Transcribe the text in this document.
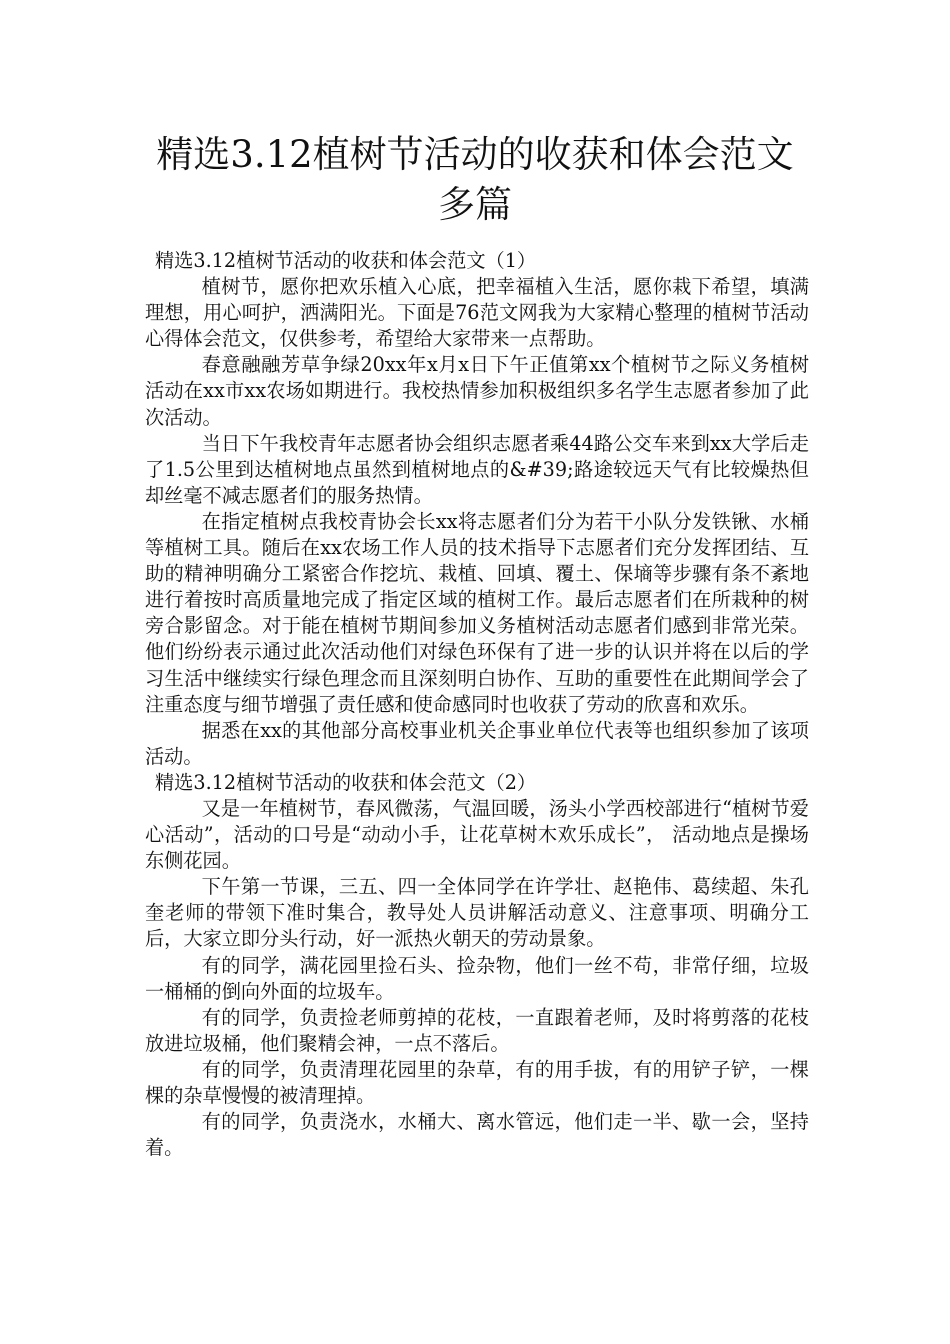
精选3.12植树节活动的收获和体会范文多篇
精选3.12植树节活动的收获和体会范文（1）

植树节，愿你把欢乐植入心底，把幸福植入生活，愿你栽下希望，填满理想，用心呵护，洒满阳光。下面是76范文网我为大家精心整理的植树节活动心得体会范文，仅供参考，希望给大家带来一点帮助。

春意融融芳草争绿20xx年x月x日下午正值第xx个植树节之际义务植树活动在xx市xx农场如期进行。我校热情参加积极组织多名学生志愿者参加了此次活动。

当日下午我校青年志愿者协会组织志愿者乘44路公交车来到xx大学后走了1.5公里到达植树地点虽然到植树地点的&#39;路途较远天气有比较燥热但却丝毫不减志愿者们的服务热情。

在指定植树点我校青协会长xx将志愿者们分为若干小队分发铁锹、水桶等植树工具。随后在xx农场工作人员的技术指导下志愿者们充分发挥团结、互助的精神明确分工紧密合作挖坑、栽植、回填、覆土、保墒等步骤有条不紊地进行着按时高质量地完成了指定区域的植树工作。最后志愿者们在所栽种的树旁合影留念。对于能在植树节期间参加义务植树活动志愿者们感到非常光荣。他们纷纷表示通过此次活动他们对绿色环保有了进一步的认识并将在以后的学习生活中继续实行绿色理念而且深刻明白协作、互助的重要性在此期间学会了注重态度与细节增强了责任感和使命感同时也收获了劳动的欣喜和欢乐。

据悉在xx的其他部分高校事业机关企事业单位代表等也组织参加了该项活动。

精选3.12植树节活动的收获和体会范文（2）

又是一年植树节，春风微荡，气温回暖，汤头小学西校部进行“植树节爱心活动”，活动的口号是“动动小手，让花草树木欢乐成长”， 活动地点是操场东侧花园。

下午第一节课，三五、四一全体同学在许学壮、赵艳伟、葛续超、朱孔奎老师的带领下准时集合，教导处人员讲解活动意义、注意事项、明确分工后，大家立即分头行动，好一派热火朝天的劳动景象。

有的同学，满花园里捡石头、捡杂物，他们一丝不苟，非常仔细，垃圾一桶桶的倒向外面的垃圾车。

有的同学，负责捡老师剪掉的花枝，一直跟着老师，及时将剪落的花枝放进垃圾桶，他们聚精会神，一点不落后。

有的同学，负责清理花园里的杂草，有的用手拔，有的用铲子铲，一棵棵的杂草慢慢的被清理掉。

有的同学，负责浇水，水桶大、离水管远，他们走一半、歇一会，坚持着。
